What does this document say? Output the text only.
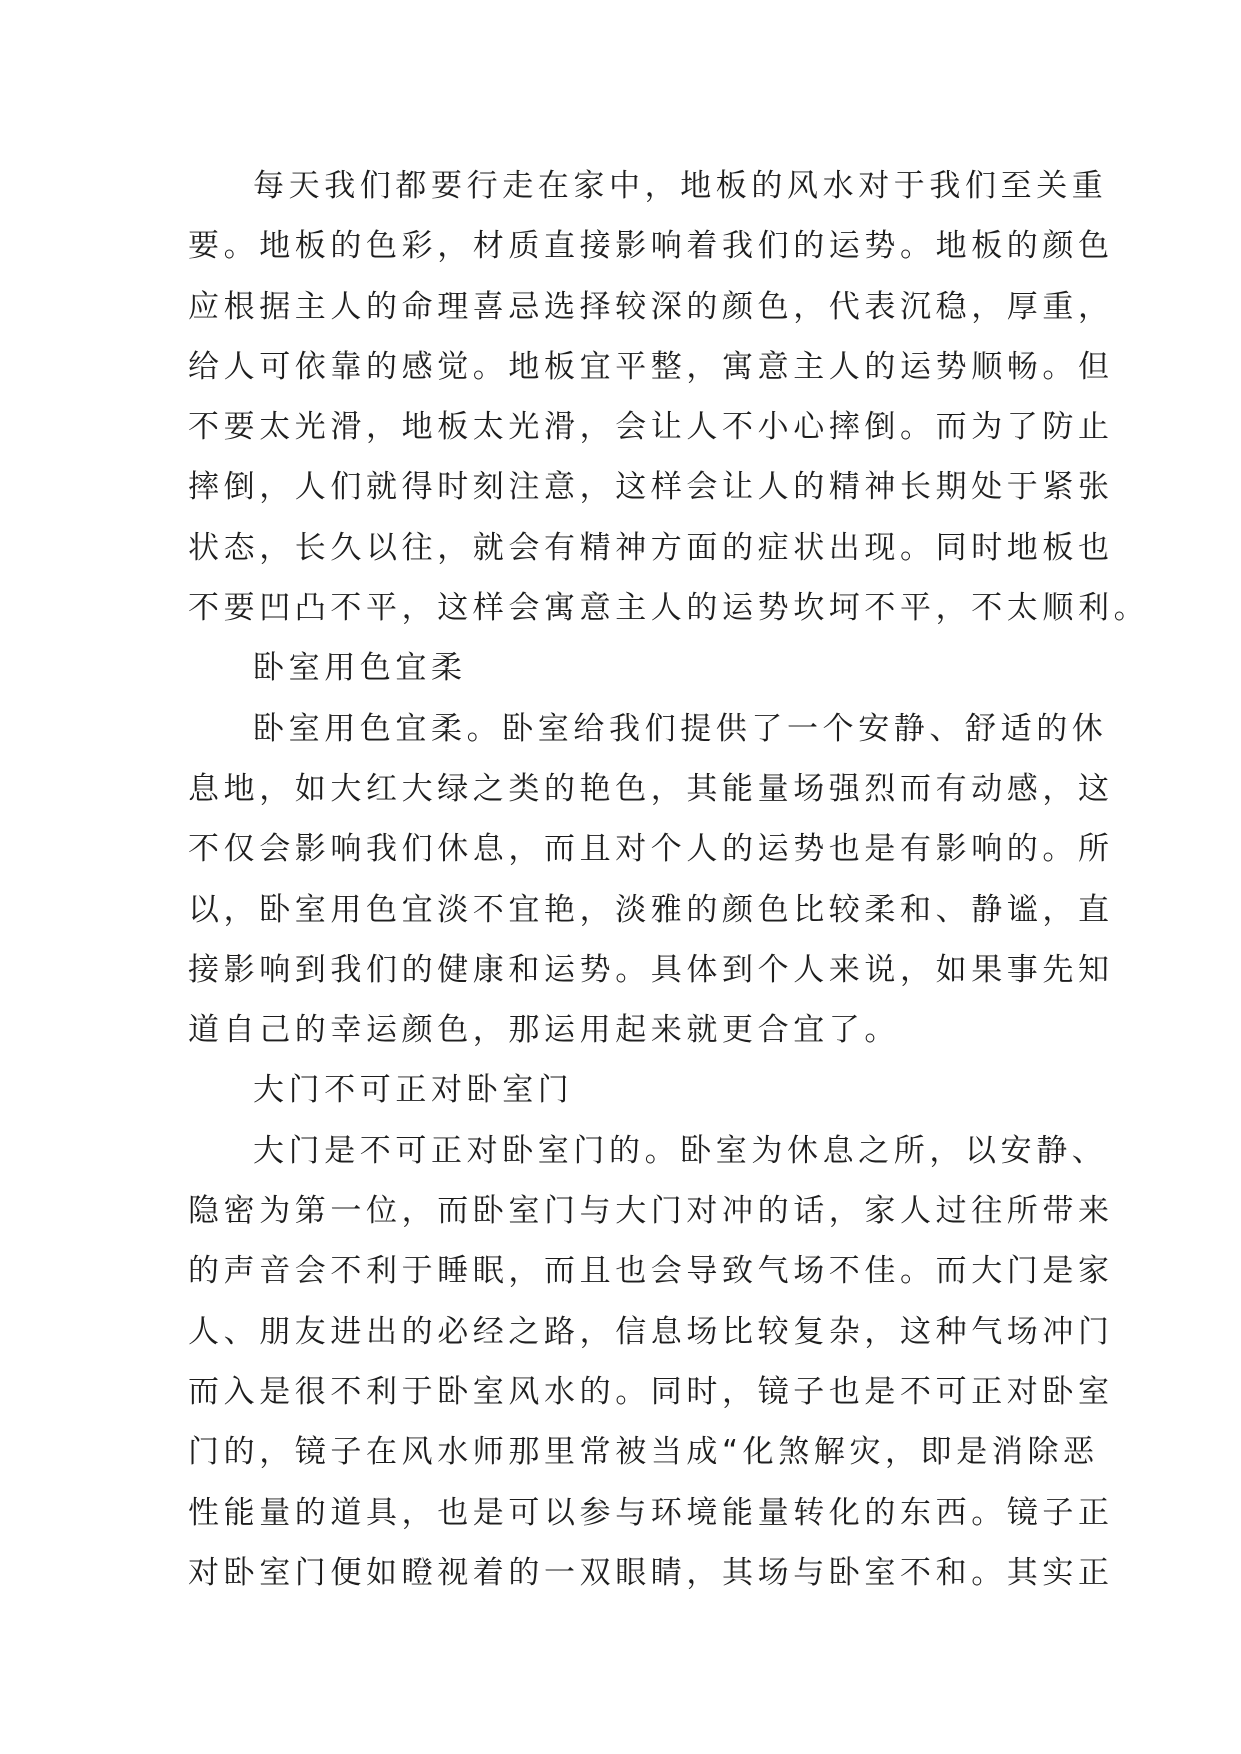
每天我们都要行走在家中，地板的风水对于我们至关重
要。地板的色彩，材质直接影响着我们的运势。地板的颜色
应根据主人的命理喜忌选择较深的颜色，代表沉稳，厚重，
给人可依靠的感觉。地板宜平整，寓意主人的运势顺畅。但
不要太光滑，地板太光滑，会让人不小心摔倒。而为了防止
摔倒，人们就得时刻注意，这样会让人的精神长期处于紧张
状态，长久以往，就会有精神方面的症状出现。同时地板也
不要凹凸不平，这样会寓意主人的运势坎坷不平，不太顺利。
卧室用色宜柔
卧室用色宜柔。卧室给我们提供了一个安静、舒适的休
息地，如大红大绿之类的艳色，其能量场强烈而有动感，这
不仅会影响我们休息，而且对个人的运势也是有影响的。所
以，卧室用色宜淡不宜艳，淡雅的颜色比较柔和、静谧，直
接影响到我们的健康和运势。具体到个人来说，如果事先知
道自己的幸运颜色，那运用起来就更合宜了。
大门不可正对卧室门
大门是不可正对卧室门的。卧室为休息之所，以安静、
隐密为第一位，而卧室门与大门对冲的话，家人过往所带来
的声音会不利于睡眠，而且也会导致气场不佳。而大门是家
人、朋友进出的必经之路，信息场比较复杂，这种气场冲门
而入是很不利于卧室风水的。同时，镜子也是不可正对卧室
门的，镜子在风水师那里常被当成“化煞解灾，即是消除恶
性能量的道具，也是可以参与环境能量转化的东西。镜子正
对卧室门便如瞪视着的一双眼睛，其场与卧室不和。其实正
